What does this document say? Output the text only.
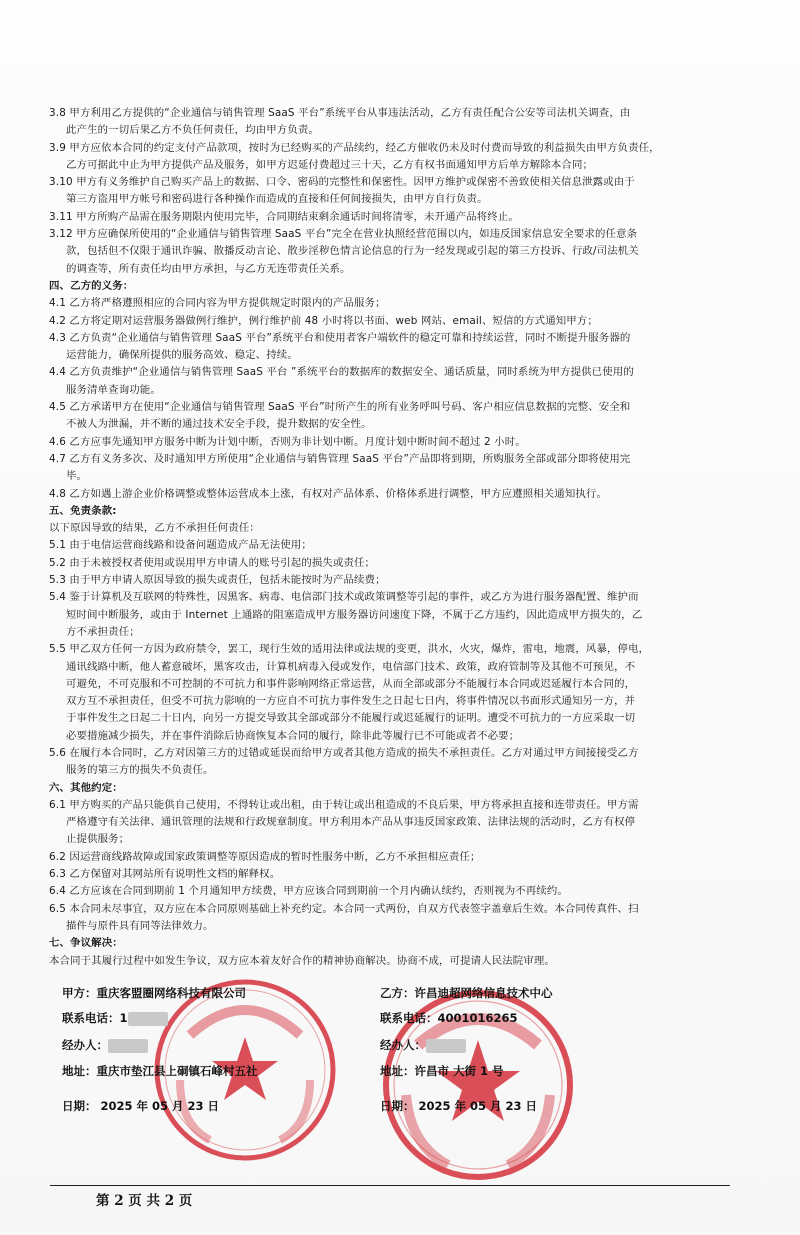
3.8 甲方利用乙方提供的“企业通信与销售管理 SaaS 平台”系统平台从事违法活动，乙方有责任配合公安等司法机关调查，由

此产生的一切后果乙方不负任何责任，均由甲方负责。

3.9 甲方应依本合同的约定支付产品款项，按时为已经购买的产品续约，经乙方催收仍未及时付费而导致的利益损失由甲方负责任，

乙方可据此中止为甲方提供产品及服务，如甲方迟延付费超过三十天，乙方有权书面通知甲方后单方解除本合同；

3.10 甲方有义务维护自己购买产品上的数据、口令、密码的完整性和保密性。因甲方维护或保密不善致使相关信息泄露或由于

第三方盗用甲方帐号和密码进行各种操作而造成的直接和任何间接损失，由甲方自行负责。

3.11 甲方所购产品需在服务期限内使用完毕，合同期结束剩余通话时间将清零，未开通产品将终止。

3.12 甲方应确保所使用的“企业通信与销售管理 SaaS 平台”完全在营业执照经营范围以内，如违反国家信息安全要求的任意条

款，包括但不仅限于通讯诈骗、散播反动言论、散步淫秽色情言论信息的行为一经发现或引起的第三方投诉、行政/司法机关

的调查等，所有责任均由甲方承担，与乙方无连带责任关系。

四、乙方的义务：

4.1 乙方将严格遵照相应的合同内容为甲方提供规定时限内的产品服务；

4.2 乙方将定期对运营服务器做例行维护，例行维护前 48 小时将以书面、web 网站、email、短信的方式通知甲方；

4.3 乙方负责“企业通信与销售管理 SaaS 平台”系统平台和使用者客户端软件的稳定可靠和持续运营，同时不断提升服务器的

运营能力，确保所提供的服务高效、稳定、持续。

4.4 乙方负责维护“企业通信与销售管理 SaaS 平台 ”系统平台的数据库的数据安全、通话质量，同时系统为甲方提供已使用的

服务清单查询功能。

4.5 乙方承诺甲方在使用“企业通信与销售管理 SaaS 平台”时所产生的所有业务呼叫号码、客户相应信息数据的完整、安全和

不被人为泄漏，并不断的通过技术安全手段，提升数据的安全性。

4.6 乙方应事先通知甲方服务中断为计划中断，否则为非计划中断。月度计划中断时间不超过 2 小时。

4.7 乙方有义务多次、及时通知甲方所使用“企业通信与销售管理 SaaS 平台”产品即将到期，所购服务全部或部分即将使用完

毕。

4.8 乙方如遇上游企业价格调整或整体运营成本上涨，有权对产品体系、价格体系进行调整，甲方应遵照相关通知执行。

五、免责条款:

以下原因导致的结果，乙方不承担任何责任：

5.1 由于电信运营商线路和设备问题造成产品无法使用；

5.2 由于未被授权者使用或误用甲方申请人的账号引起的损失或责任；

5.3 由于甲方申请人原因导致的损失或责任，包括未能按时为产品续费；

5.4 鉴于计算机及互联网的特殊性，因黑客、病毒、电信部门技术或政策调整等引起的事件，或乙方为进行服务器配置、维护而

短时间中断服务，或由于 Internet 上通路的阻塞造成甲方服务器访问速度下降，不属于乙方违约，因此造成甲方损失的，乙

方不承担责任；

5.5 甲乙双方任何一方因为政府禁令，罢工，现行生效的适用法律或法规的变更，洪水，火灾，爆炸，雷电，地震，风暴，停电，

通讯线路中断，他人蓄意破坏，黑客攻击，计算机病毒入侵或发作，电信部门技术、政策，政府管制等及其他不可预见，不

可避免，不可克服和不可控制的不可抗力和事件影响网络正常运营，从而全部或部分不能履行本合同或迟延履行本合同的，

双方互不承担责任，但受不可抗力影响的一方应自不可抗力事件发生之日起七日内，将事件情况以书面形式通知另一方，并

于事件发生之日起二十日内，向另一方提交导致其全部或部分不能履行或迟延履行的证明。遭受不可抗力的一方应采取一切

必要措施减少损失，并在事件消除后协商恢复本合同的履行，除非此等履行已不可能或者不必要；

5.6 在履行本合同时，乙方对因第三方的过错或延误而给甲方或者其他方造成的损失不承担责任。乙方对通过甲方间接接受乙方

服务的第三方的损失不负责任。

六、其他约定：

6.1 甲方购买的产品只能供自己使用，不得转让或出租，由于转让或出租造成的不良后果，甲方将承担直接和连带责任。甲方需

严格遵守有关法律、通讯管理的法规和行政规章制度。甲方利用本产品从事违反国家政策、法律法规的活动时，乙方有权停

止提供服务；

6.2 因运营商线路故障或国家政策调整等原因造成的暂时性服务中断，乙方不承担相应责任；

6.3 乙方保留对其网站所有说明性文档的解释权。

6.4 乙方应该在合同到期前 1 个月通知甲方续费，甲方应该合同到期前一个月内确认续约，否则视为不再续约。

6.5 本合同未尽事宜，双方应在本合同原则基础上补充约定。本合同一式两份，自双方代表签字盖章后生效。本合同传真件、扫

描件与原件具有同等法律效力。

七、争议解决：

本合同于其履行过程中如发生争议，双方应本着友好合作的精神协商解决。协商不成，可提请人民法院审理。

甲方：重庆客盟圈网络科技有限公司
联系电话：1
经办人：
地址：重庆市垫江县上硐镇石峰村五社
日期： 2025 年 05 月 23 日
乙方：许昌迪超网络信息技术中心
联系电话：4001016265
经办人：
地址：许昌市 大街 1 号
日期： 2025 年 05 月 23 日
第 2 页 共 2 页
